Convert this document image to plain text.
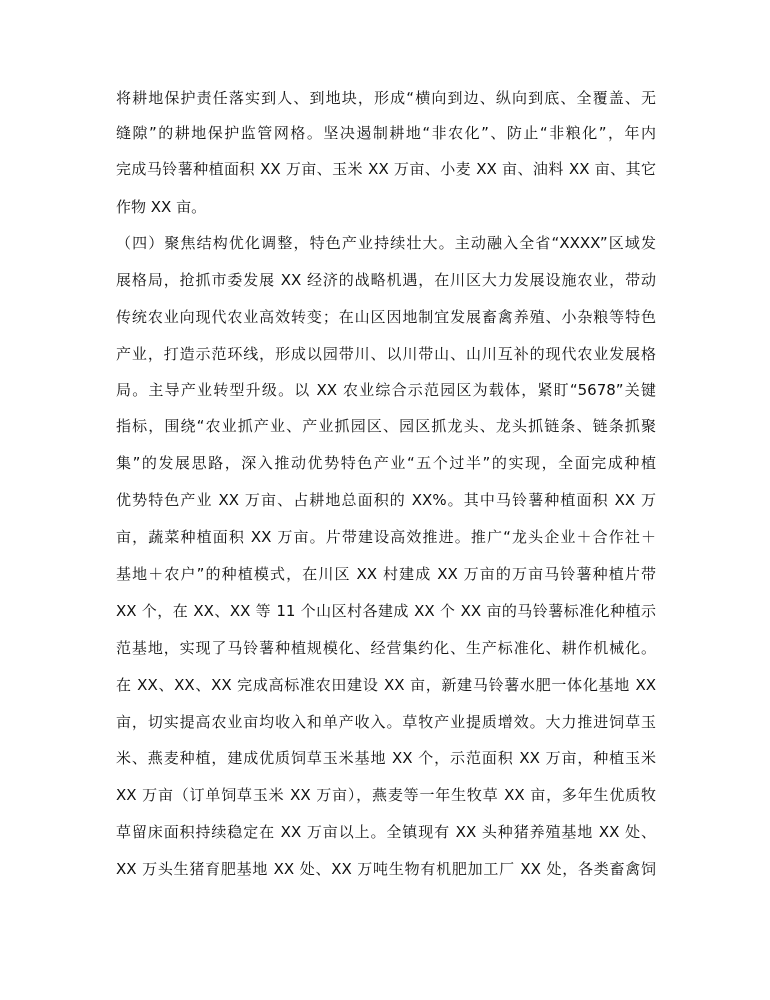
将耕地保护责任落实到人、到地块，形成“横向到边、纵向到底、全覆盖、无
缝隙”的耕地保护监管网格。坚决遏制耕地“非农化”、防止“非粮化”，年内
完成马铃薯种植面积 XX 万亩、玉米 XX 万亩、小麦 XX 亩、油料 XX 亩、其它
作物 XX 亩。
（四）聚焦结构优化调整，特色产业持续壮大。主动融入全省“XXXX”区域发
展格局，抢抓市委发展 XX 经济的战略机遇，在川区大力发展设施农业，带动
传统农业向现代农业高效转变；在山区因地制宜发展畜禽养殖、小杂粮等特色
产业，打造示范环线，形成以园带川、以川带山、山川互补的现代农业发展格
局。主导产业转型升级。以 XX 农业综合示范园区为载体，紧盯“5678”关键
指标，围绕“农业抓产业、产业抓园区、园区抓龙头、龙头抓链条、链条抓聚
集”的发展思路，深入推动优势特色产业“五个过半”的实现，全面完成种植
优势特色产业 XX 万亩、占耕地总面积的 XX%。其中马铃薯种植面积 XX 万
亩，蔬菜种植面积 XX 万亩。片带建设高效推进。推广“龙头企业＋合作社＋
基地＋农户”的种植模式，在川区 XX 村建成 XX 万亩的万亩马铃薯种植片带
XX 个，在 XX、XX 等 11 个山区村各建成 XX 个 XX 亩的马铃薯标准化种植示
范基地，实现了马铃薯种植规模化、经营集约化、生产标准化、耕作机械化。
在 XX、XX、XX 完成高标准农田建设 XX 亩，新建马铃薯水肥一体化基地 XX
亩，切实提高农业亩均收入和单产收入。草牧产业提质增效。大力推进饲草玉
米、燕麦种植，建成优质饲草玉米基地 XX 个，示范面积 XX 万亩，种植玉米
XX 万亩（订单饲草玉米 XX 万亩），燕麦等一年生牧草 XX 亩，多年生优质牧
草留床面积持续稳定在 XX 万亩以上。全镇现有 XX 头种猪养殖基地 XX 处、
XX 万头生猪育肥基地 XX 处、XX 万吨生物有机肥加工厂 XX 处，各类畜禽饲
